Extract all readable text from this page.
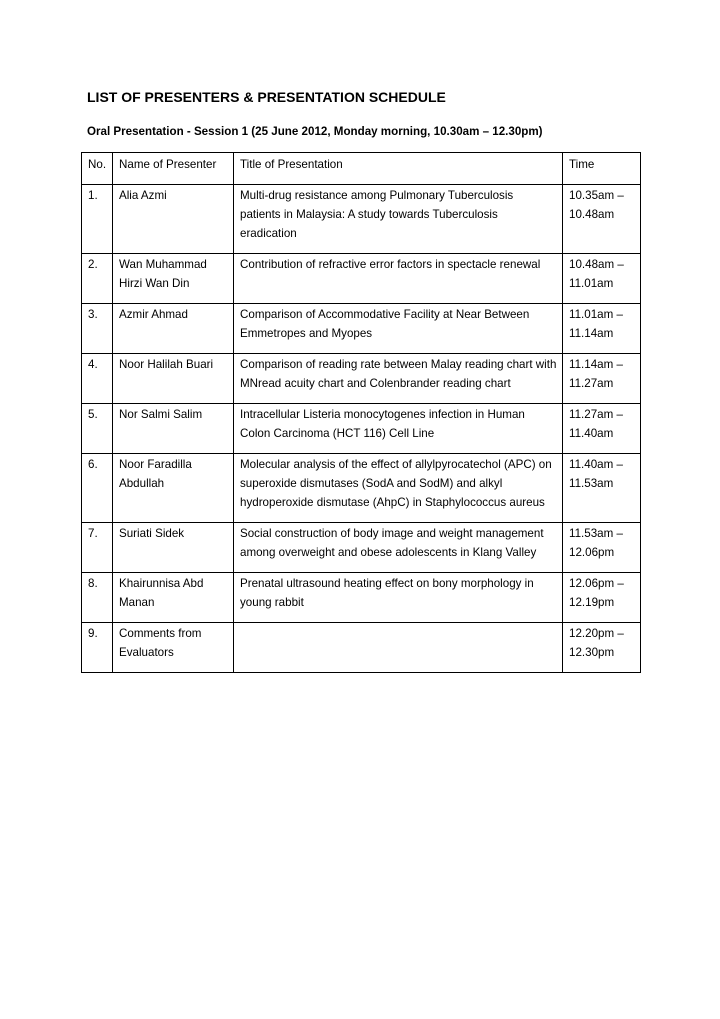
LIST OF PRESENTERS & PRESENTATION SCHEDULE

Oral Presentation - Session 1 (25 June 2012, Monday morning, 10.30am – 12.30pm)

No.	Name of Presenter	Title of Presentation	Time
1.	Alia Azmi	Multi-drug resistance among Pulmonary Tuberculosis patients in Malaysia: A study towards Tuberculosis eradication	10.35am – 10.48am
2.	Wan Muhammad Hirzi Wan Din	Contribution of refractive error factors in spectacle renewal	10.48am – 11.01am
3.	Azmir Ahmad	Comparison of Accommodative Facility at Near Between Emmetropes and Myopes	11.01am – 11.14am
4.	Noor Halilah Buari	Comparison of reading rate between Malay reading chart with MNread acuity chart and Colenbrander reading chart	11.14am – 11.27am
5.	Nor Salmi Salim	Intracellular Listeria monocytogenes infection in Human Colon Carcinoma (HCT 116) Cell Line	11.27am – 11.40am
6.	Noor Faradilla Abdullah	Molecular analysis of the effect of allylpyrocatechol (APC) on superoxide dismutases (SodA and SodM) and alkyl hydroperoxide dismutase (AhpC) in Staphylococcus aureus	11.40am – 11.53am
7.	Suriati Sidek	Social construction of body image and weight management among overweight and obese adolescents in Klang Valley	11.53am – 12.06pm
8.	Khairunnisa Abd Manan	Prenatal ultrasound heating effect on bony morphology in young rabbit	12.06pm – 12.19pm
9.	Comments from Evaluators		12.20pm – 12.30pm
